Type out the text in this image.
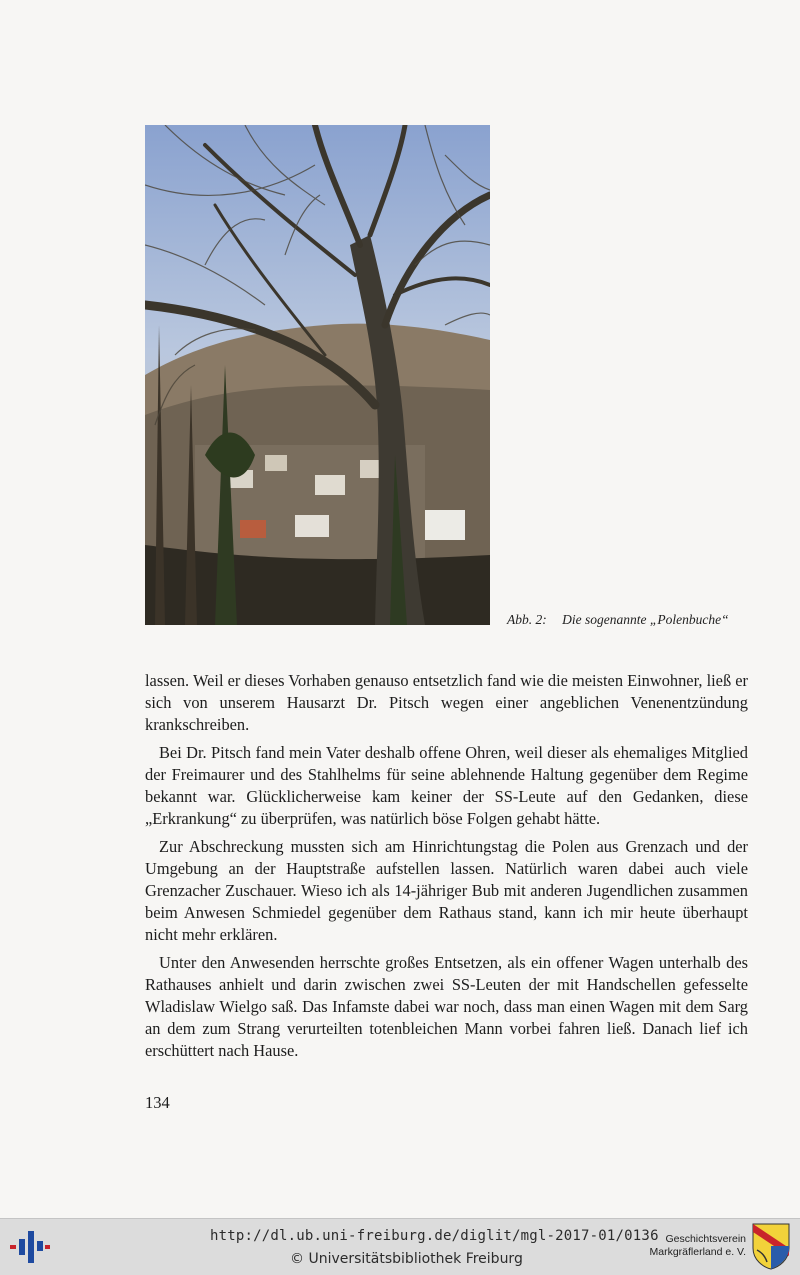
Abb. 2: Die sogenannte „Polenbuche“

lassen. Weil er dieses Vorhaben genauso entsetzlich fand wie die meisten Einwohner, ließ er sich von unserem Hausarzt Dr. Pitsch wegen einer angeblichen Venenentzündung krankschreiben.

Bei Dr. Pitsch fand mein Vater deshalb offene Ohren, weil dieser als ehemaliges Mitglied der Freimaurer und des Stahlhelms für seine ablehnende Haltung gegenüber dem Regime bekannt war. Glücklicherweise kam keiner der SS-Leute auf den Gedanken, diese „Erkrankung“ zu überprüfen, was natürlich böse Folgen gehabt hätte.

Zur Abschreckung mussten sich am Hinrichtungstag die Polen aus Grenzach und der Umgebung an der Hauptstraße aufstellen lassen. Natürlich waren dabei auch viele Grenzacher Zuschauer. Wieso ich als 14-jähriger Bub mit anderen Jugendlichen zusammen beim Anwesen Schmiedel gegenüber dem Rathaus stand, kann ich mir heute überhaupt nicht mehr erklären.

Unter den Anwesenden herrschte großes Entsetzen, als ein offener Wagen unterhalb des Rathauses anhielt und darin zwischen zwei SS-Leuten der mit Handschellen gefesselte Wladislaw Wielgo saß. Das Infamste dabei war noch, dass man einen Wagen mit dem Sarg an dem zum Strang verurteilten totenbleichen Mann vorbei fahren ließ. Danach lief ich erschüttert nach Hause.

134
http://dl.ub.uni-freiburg.de/diglit/mgl-2017-01/0136
© Universitätsbibliothek Freiburg
Geschichtsverein
Markgräflerland e. V.
